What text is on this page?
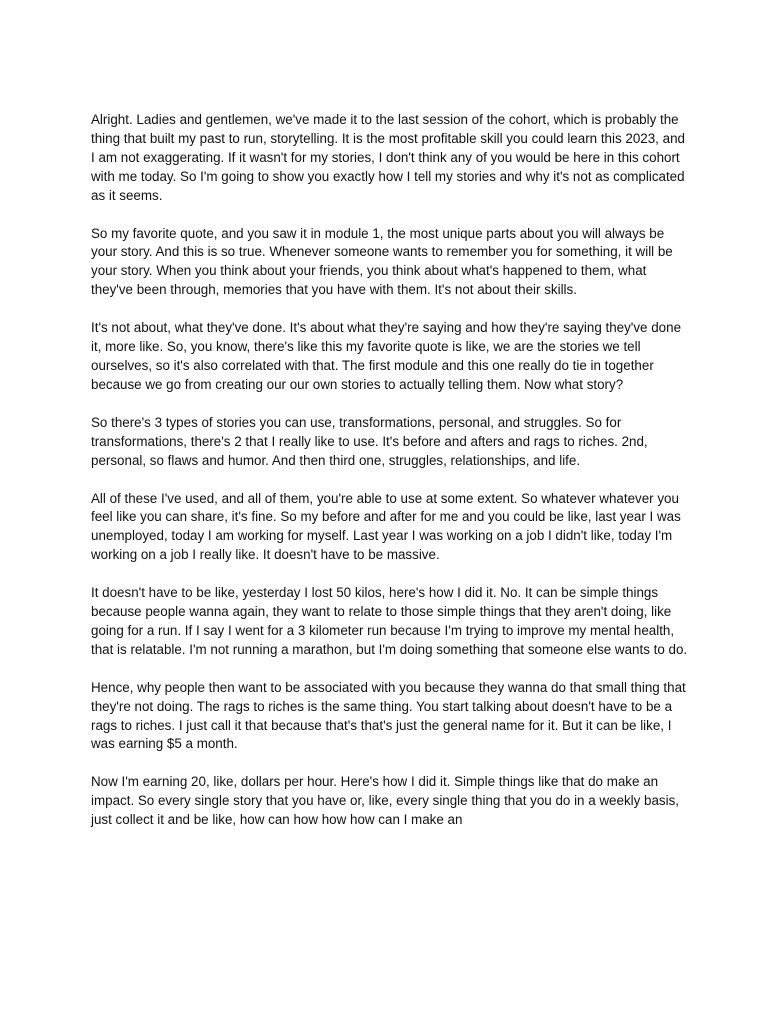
Alright. Ladies and gentlemen, we've made it to the last session of the cohort, which is probably the thing that built my past to run, storytelling. It is the most profitable skill you could learn this 2023, and I am not exaggerating. If it wasn't for my stories, I don't think any of you would be here in this cohort with me today. So I'm going to show you exactly how I tell my stories and why it's not as complicated as it seems.

So my favorite quote, and you saw it in module 1, the most unique parts about you will always be your story. And this is so true. Whenever someone wants to remember you for something, it will be your story. When you think about your friends, you think about what's happened to them, what they've been through, memories that you have with them. It's not about their skills.

It's not about, what they've done. It's about what they're saying and how they're saying they've done it, more like. So, you know, there's like this my favorite quote is like, we are the stories we tell ourselves, so it's also correlated with that. The first module and this one really do tie in together because we go from creating our our own stories to actually telling them. Now what story?

So there's 3 types of stories you can use, transformations, personal, and struggles. So for transformations, there's 2 that I really like to use. It's before and afters and rags to riches. 2nd, personal, so flaws and humor. And then third one, struggles, relationships, and life.

All of these I've used, and all of them, you're able to use at some extent. So whatever whatever you feel like you can share, it's fine. So my before and after for me and you could be like, last year I was unemployed, today I am working for myself. Last year I was working on a job I didn't like, today I'm working on a job I really like. It doesn't have to be massive.

It doesn't have to be like, yesterday I lost 50 kilos, here's how I did it. No. It can be simple things because people wanna again, they want to relate to those simple things that they aren't doing, like going for a run. If I say I went for a 3 kilometer run because I'm trying to improve my mental health, that is relatable. I'm not running a marathon, but I'm doing something that someone else wants to do.

Hence, why people then want to be associated with you because they wanna do that small thing that they're not doing. The rags to riches is the same thing. You start talking about doesn't have to be a rags to riches. I just call it that because that's that's just the general name for it. But it can be like, I was earning $5 a month.

Now I'm earning 20, like, dollars per hour. Here's how I did it. Simple things like that do make an impact. So every single story that you have or, like, every single thing that you do in a weekly basis, just collect it and be like, how can how how how can I make an
